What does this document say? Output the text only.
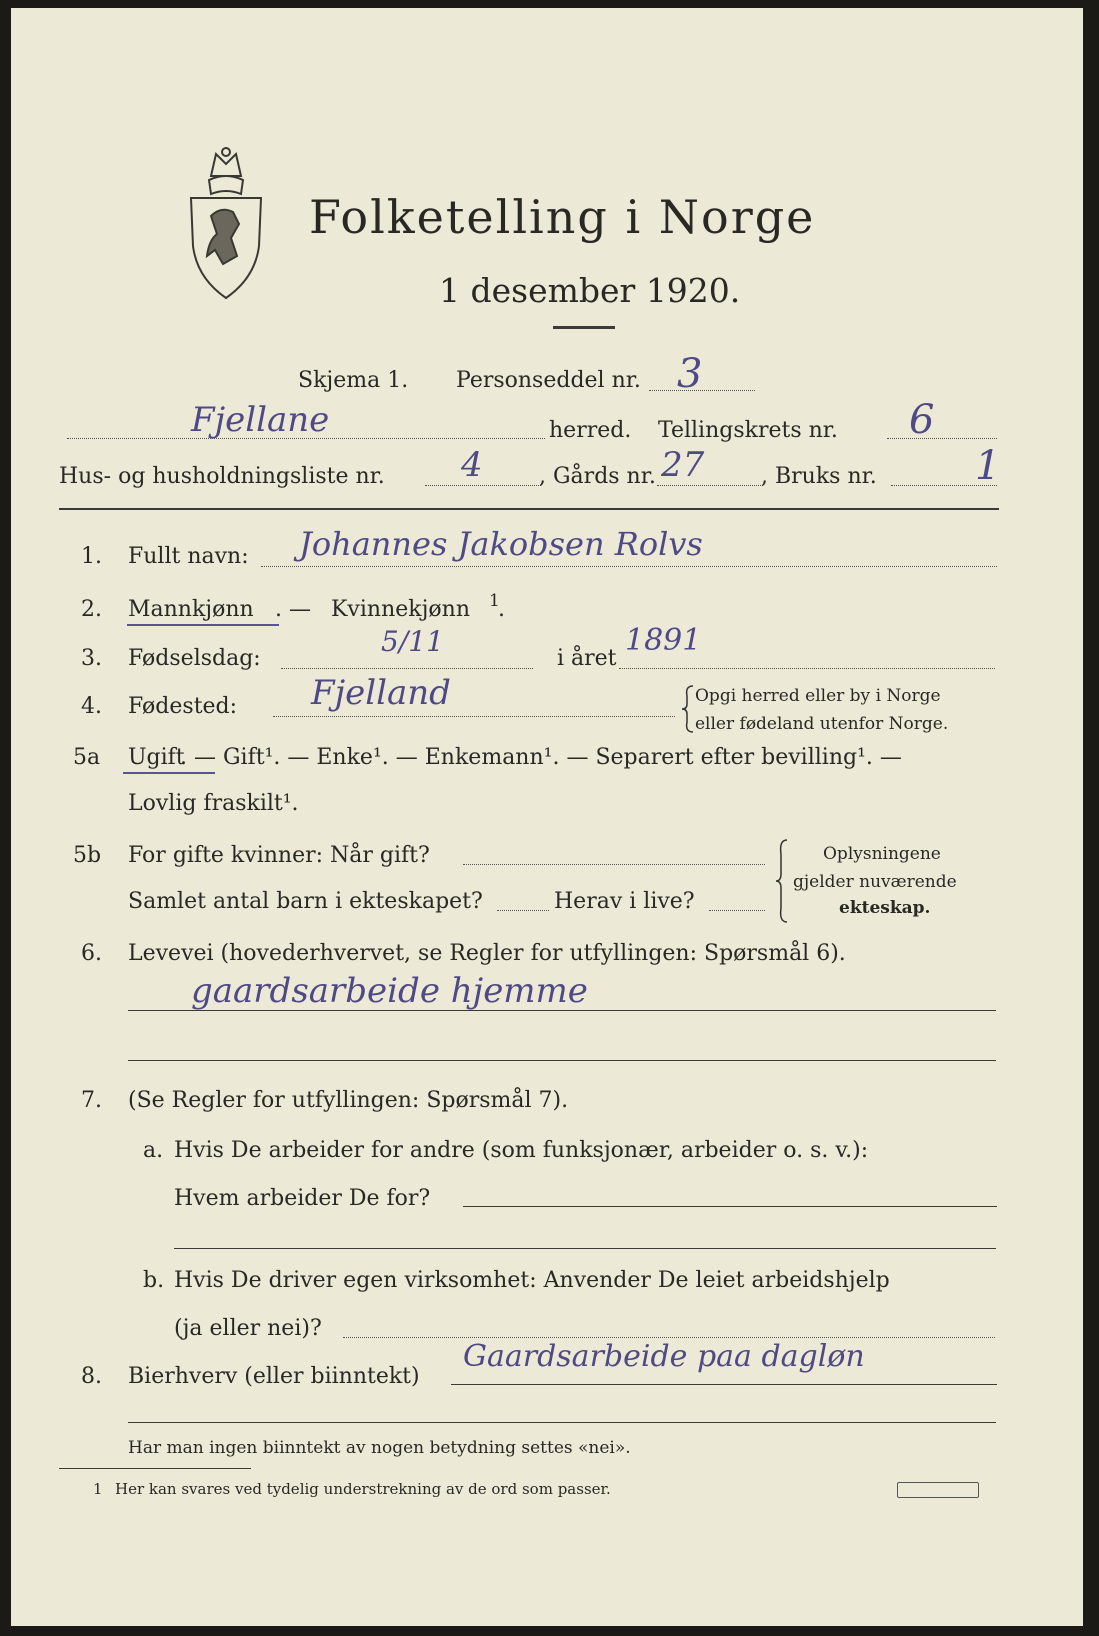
Folketelling i Norge
1 desember 1920.
Skjema 1. Personseddel nr. 3
Fjellane	herred. Tellingskrets nr. 6
Hus- og husholdningsliste nr. 4	, Gårds nr. 27	, Bruks nr. 1
1. Fullt navn: Johannes Jakobsen Rolvs
2. Mannkjønn . — Kvinnekjønn 1
.
3. Fødselsdag:
5/11
i året
1891
4. Fødested: Fjelland	Opgi herred eller by i Norge
eller fødeland utenfor Norge.
5a Ugift
. — Gift¹. — Enke¹. — Enkemann¹. — Separert efter bevilling¹. —
Lovlig fraskilt¹.
5b For gifte kvinner: Når gift?
Samlet antal barn i ekteskapet?	Herav i live?
Oplysningene
gjelder nuværende
ekteskap.
6. Levevei (hovederhvervet, se Regler for utfyllingen: Spørsmål 6).
gaardsarbeide hjemme
7. (Se Regler for utfyllingen: Spørsmål 7).
a. Hvis De arbeider for andre (som funksjonær, arbeider o. s. v.):
Hvem arbeider De for?
b. Hvis De driver egen virksomhet: Anvender De leiet arbeidshjelp
(ja eller nei)?
8. Bierhverv (eller biinntekt)
Gaardsarbeide paa dagløn
Har man ingen biinntekt av nogen betydning settes «nei».
1 Her kan svares ved tydelig understrekning av de ord som passer.
